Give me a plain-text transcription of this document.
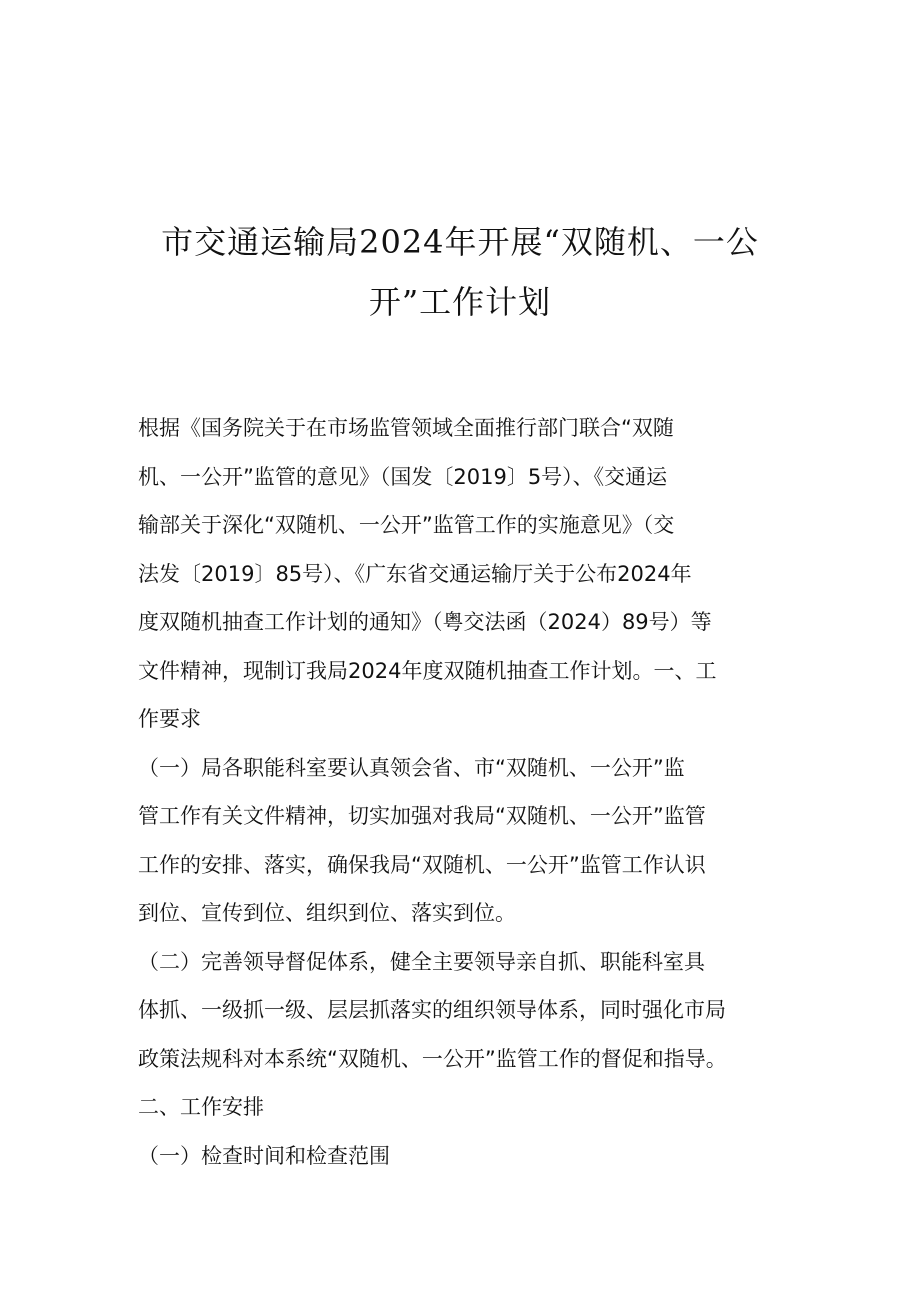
市交通运输局2024年开展“双随机、一公
开”工作计划
根据《国务院关于在市场监管领域全面推行部门联合“双随
机、一公开”监管的意见》（国发〔2019〕5号）、《交通运
输部关于深化“双随机、一公开”监管工作的实施意见》（交
法发〔2019〕85号）、《广东省交通运输厅关于公布2024年
度双随机抽查工作计划的通知》（粤交法函（2024）89号）等
文件精神，现制订我局2024年度双随机抽查工作计划。一、工
作要求
（一）局各职能科室要认真领会省、市“双随机、一公开”监
管工作有关文件精神，切实加强对我局“双随机、一公开”监管
工作的安排、落实，确保我局“双随机、一公开”监管工作认识
到位、宣传到位、组织到位、落实到位。
（二）完善领导督促体系，健全主要领导亲自抓、职能科室具
体抓、一级抓一级、层层抓落实的组织领导体系，同时强化市局
政策法规科对本系统“双随机、一公开”监管工作的督促和指导。
二、工作安排
（一）检查时间和检查范围
